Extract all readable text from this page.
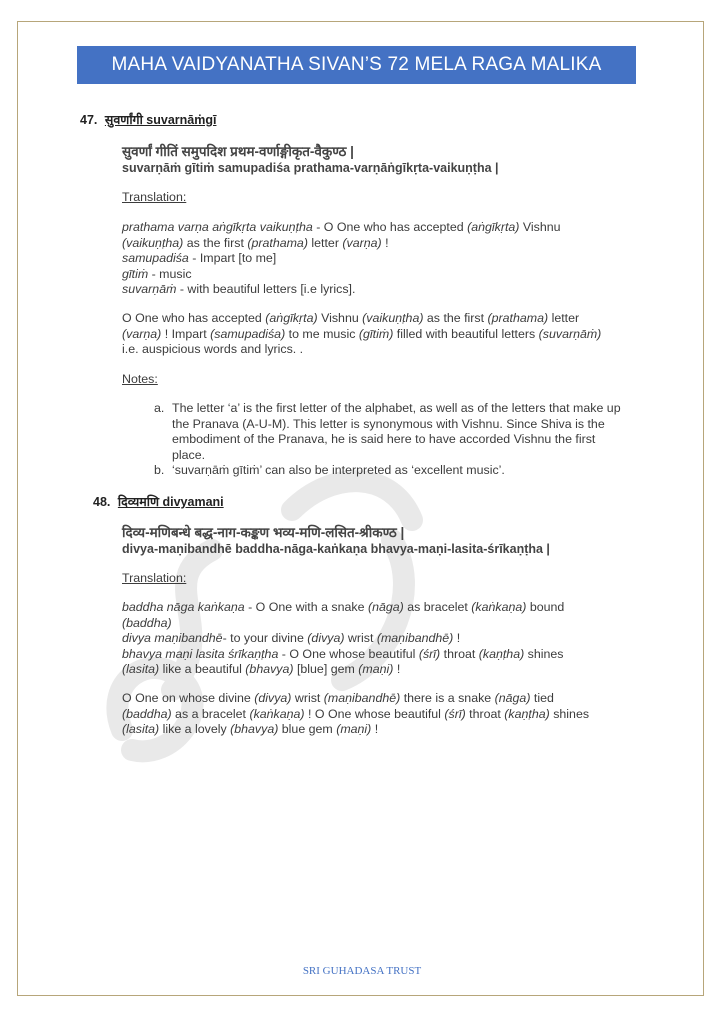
MAHA VAIDYANATHA SIVAN’S 72 MELA RAGA MALIKA
47. सुवर्णांगी suvarnāṁgī
सुवर्णां गीतिं समुपदिश प्रथम-वर्णाङ्गीकृत-वैकुण्ठ |
suvarṇāṁ gītiṁ samupadiśa prathama-varṇāṅgīkṛta-vaikuṇṭha |
Translation:
prathama varṇa aṅgīkṛta vaikuṇṭha - O One who has accepted (aṅgīkṛta) Vishnu
(vaikuṇṭha) as the first (prathama) letter (varṇa) !
samupadiśa - Impart [to me]
gītiṁ - music
suvarṇāṁ - with beautiful letters [i.e lyrics].
O One who has accepted (aṅgīkṛta) Vishnu (vaikuṇṭha) as the first (prathama) letter (varṇa) ! Impart (samupadiśa) to me music (gītiṁ) filled with beautiful letters (suvarṇāṁ) i.e. auspicious words and lyrics. .
Notes:
a. The letter ‘a’ is the first letter of the alphabet, as well as of the letters that make up the Pranava (A-U-M). This letter is synonymous with Vishnu. Since Shiva is the embodiment of the Pranava, he is said here to have accorded Vishnu the first place.
b. ‘suvarṇāṁ gītiṁ’ can also be interpreted as ‘excellent music’.
48. दिव्यमणि divyamani
दिव्य-मणिबन्धे बद्ध-नाग-कङ्कण भव्य-मणि-लसित-श्रीकण्ठ |
divya-maṇibandhē baddha-nāga-kaṅkaṇa bhavya-maṇi-lasita-śrīkaṇṭha |
Translation:
baddha nāga kaṅkaṇa - O One with a snake (nāga) as bracelet (kaṅkaṇa) bound
(baddha)
divya maṇibandhē- to your divine (divya) wrist (maṇibandhē) !
bhavya maṇi lasita śrīkaṇṭha - O One whose beautiful (śrī) throat (kaṇṭha) shines
(lasita) like a beautiful (bhavya) [blue] gem (maṇi) !
O One on whose divine (divya) wrist (maṇibandhē) there is a snake (nāga) tied
(baddha) as a bracelet (kaṅkaṇa) ! O One whose beautiful (śrī) throat (kaṇṭha) shines
(lasita) like a lovely (bhavya) blue gem (maṇi) !
SRI GUHADASA TRUST
